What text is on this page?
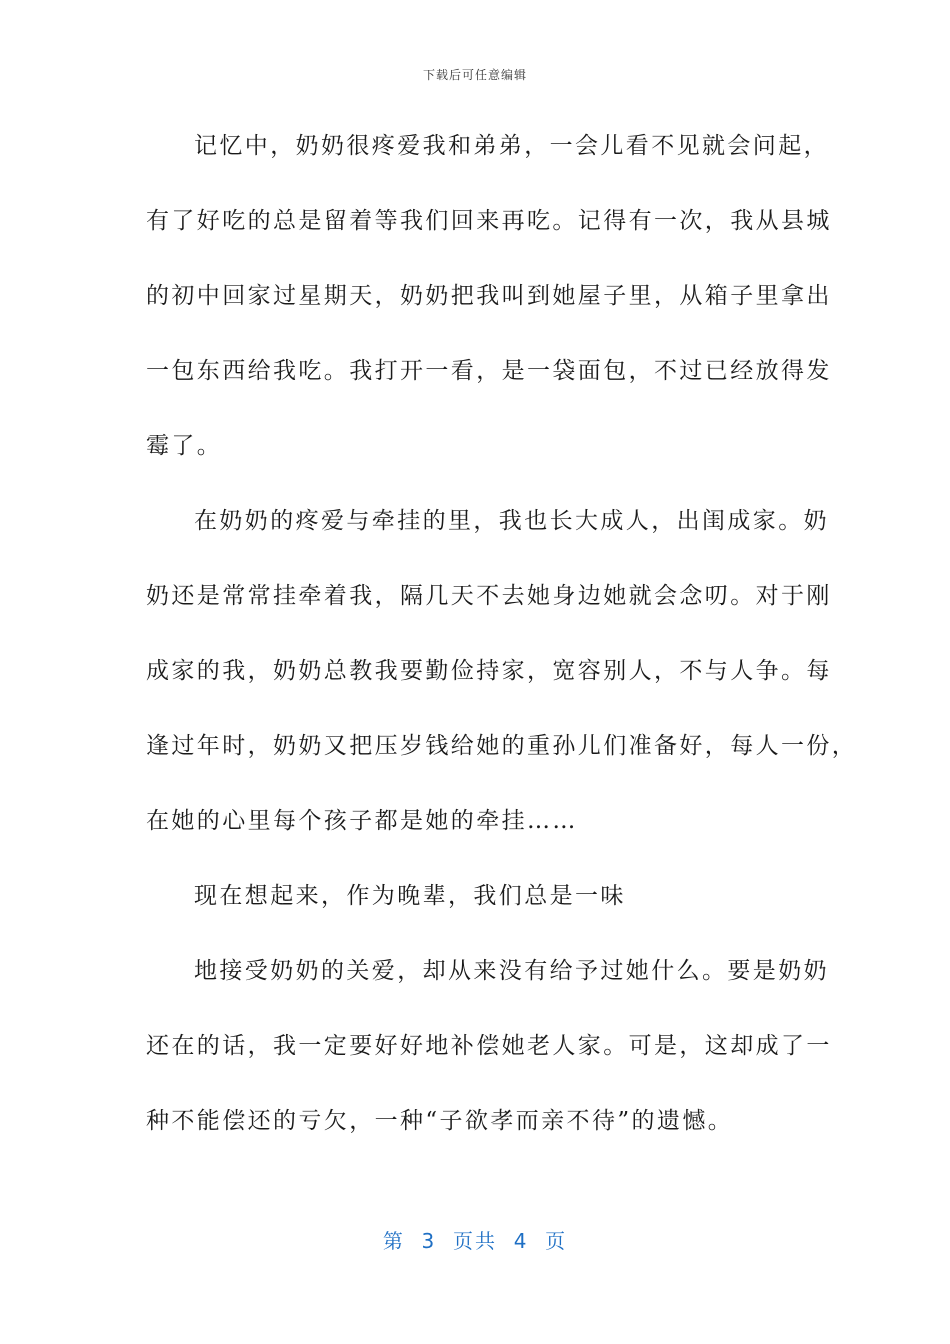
下载后可任意编辑
记忆中，奶奶很疼爱我和弟弟，一会儿看不见就会问起，
有了好吃的总是留着等我们回来再吃。记得有一次，我从县城
的初中回家过星期天，奶奶把我叫到她屋子里，从箱子里拿出
一包东西给我吃。我打开一看，是一袋面包，不过已经放得发
霉了。
在奶奶的疼爱与牵挂的里，我也长大成人，出闺成家。奶
奶还是常常挂牵着我，隔几天不去她身边她就会念叨。对于刚
成家的我，奶奶总教我要勤俭持家，宽容别人，不与人争。每
逢过年时，奶奶又把压岁钱给她的重孙儿们准备好，每人一份，
在她的心里每个孩子都是她的牵挂……
现在想起来，作为晚辈，我们总是一味
地接受奶奶的关爱，却从来没有给予过她什么。要是奶奶
还在的话，我一定要好好地补偿她老人家。可是，这却成了一
种不能偿还的亏欠，一种“子欲孝而亲不待”的遗憾。
第  3  页共  4  页
